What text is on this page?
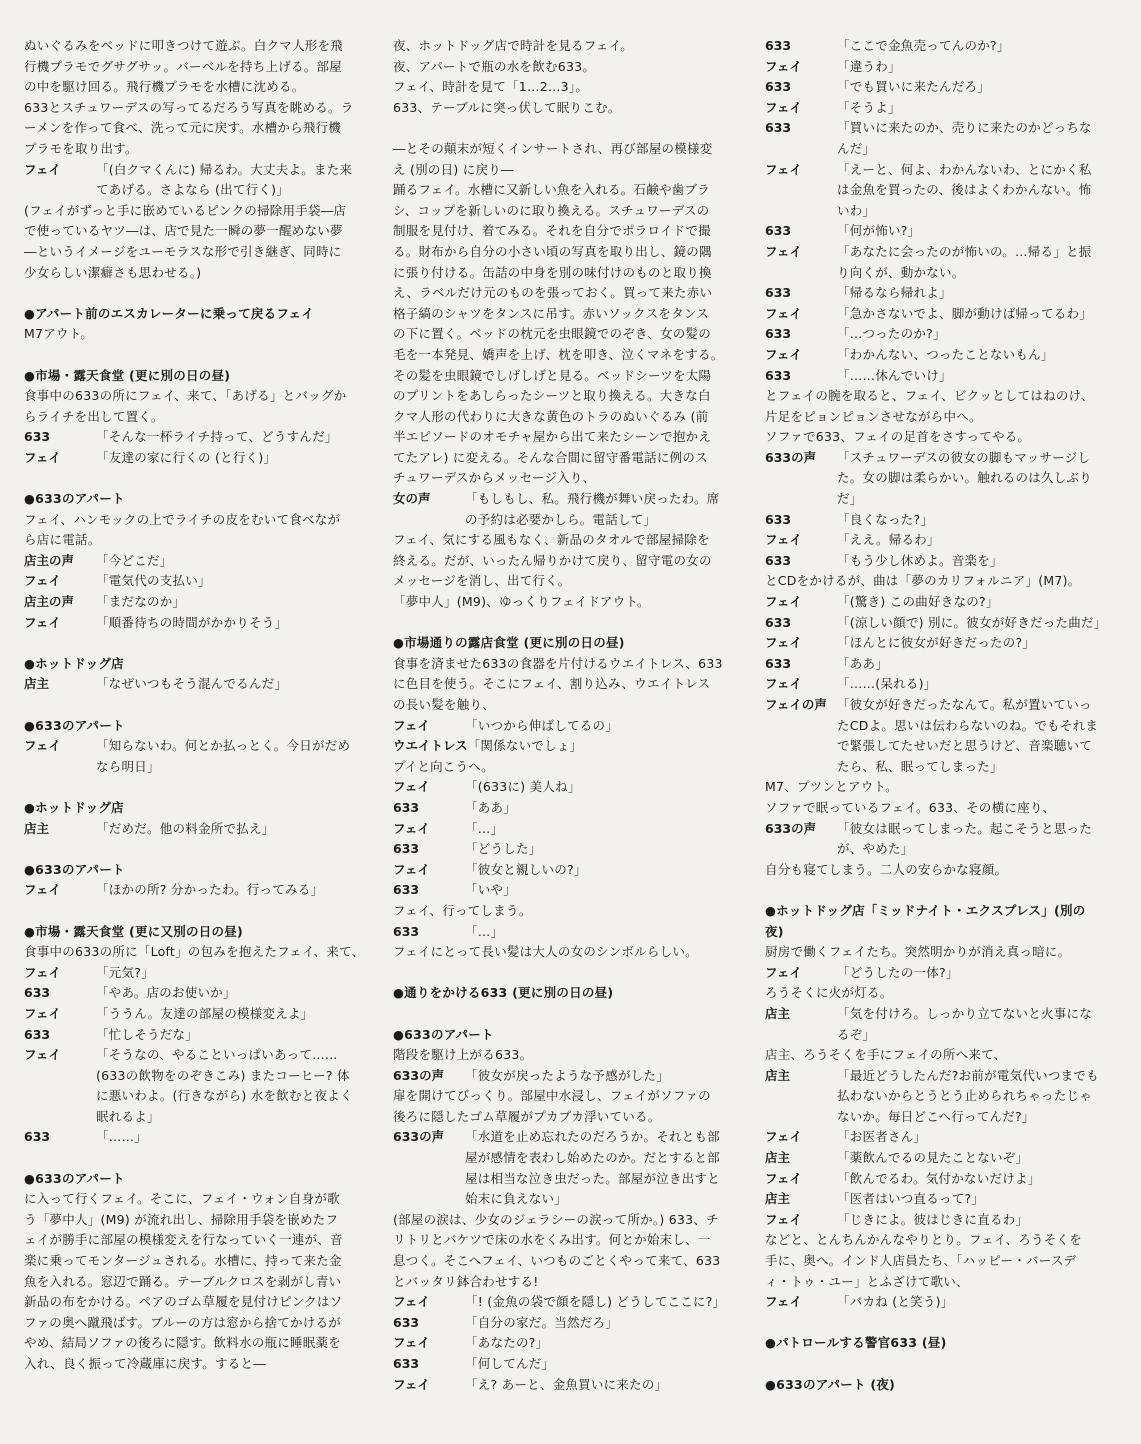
ぬいぐるみをベッドに叩きつけて遊ぶ。白クマ人形を飛
行機プラモでグサグサッ。バーベルを持ち上げる。部屋
の中を駆け回る。飛行機プラモを水槽に沈める。
633とスチュワーデスの写ってるだろう写真を眺める。ラ
ーメンを作って食べ、洗って元に戻す。水槽から飛行機
プラモを取り出す。
フェイ	「(白クマくんに) 帰るわ。大丈夫よ。また来
てあげる。さよなら (出て行く)」
(フェイがずっと手に嵌めているピンクの掃除用手袋―店
で使っているヤツ―は、店で見た一瞬の夢一醒めない夢
―というイメージをユーモラスな形で引き継ぎ、同時に
少女らしい潔癖さも思わせる。)
●アパート前のエスカレーターに乗って戻るフェイ
M7アウト。
●市場・露天食堂 (更に別の日の昼)
食事中の633の所にフェイ、来て、「あげる」とバッグか
らライチを出して置く。
633	「そんな一杯ライチ持って、どうすんだ」
フェイ	「友達の家に行くの (と行く)」
●633のアパート
フェイ、ハンモックの上でライチの皮をむいて食べなが
ら店に電話。
店主の声	「今どこだ」
フェイ	「電気代の支払い」
店主の声	「まだなのか」
フェイ	「順番待ちの時間がかかりそう」
●ホットドッグ店
店主	「なぜいつもそう混んでるんだ」
●633のアパート
フェイ	「知らないわ。何とか払っとく。今日がだめ
なら明日」
●ホットドッグ店
店主	「だめだ。他の料金所で払え」
●633のアパート
フェイ	「ほかの所? 分かったわ。行ってみる」
●市場・露天食堂 (更に又別の日の昼)
食事中の633の所に「Loft」の包みを抱えたフェイ、来て、
フェイ	「元気?」
633	「やあ。店のお使いか」
フェイ	「ううん。友達の部屋の模様変えよ」
633	「忙しそうだな」
フェイ	「そうなの、やることいっぱいあって……
(633の飲物をのぞきこみ) またコーヒー? 体
に悪いわよ。(行きながら) 水を飲むと夜よく
眠れるよ」
633	「……」
●633のアパート
に入って行くフェイ。そこに、フェイ・ウォン自身が歌
う「夢中人」(M9) が流れ出し、掃除用手袋を嵌めたフ
ェイが勝手に部屋の模様変えを行なっていく一連が、音
楽に乗ってモンタージュされる。水槽に、持って来た金
魚を入れる。窓辺で踊る。テーブルクロスを剥がし青い
新品の布をかける。ペアのゴム草履を見付けピンクはソ
ファの奥へ蹴飛ばす。ブルーの方は窓から捨てかけるが
やめ、結局ソファの後ろに隠す。飲料水の瓶に睡眠薬を
入れ、良く振って冷蔵庫に戻す。すると―
夜、ホットドッグ店で時計を見るフェイ。
夜、アパートで瓶の水を飲む633。
フェイ、時計を見て「1…2…3」。
633、テーブルに突っ伏して眠りこむ。
―とその顛末が短くインサートされ、再び部屋の模様変
え (別の日) に戻り―
踊るフェイ。水槽に又新しい魚を入れる。石鹸や歯ブラ
シ、コップを新しいのに取り換える。スチュワーデスの
制服を見付け、着てみる。それを自分でポラロイドで撮
る。財布から自分の小さい頃の写真を取り出し、鏡の隅
に張り付ける。缶詰の中身を別の味付けのものと取り換
え、ラベルだけ元のものを張っておく。買って来た赤い
格子縞のシャツをタンスに吊す。赤いソックスをタンス
の下に置く。ベッドの枕元を虫眼鏡でのぞき、女の髪の
毛を一本発見、嬌声を上げ、枕を叩き、泣くマネをする。
その髪を虫眼鏡でしげしげと見る。ベッドシーツを太陽
のプリントをあしらったシーツと取り換える。大きな白
クマ人形の代わりに大きな黄色のトラのぬいぐるみ (前
半エピソードのオモチャ屋から出て来たシーンで抱かえ
てたアレ) に変える。そんな合間に留守番電話に例のス
チュワーデスからメッセージ入り、
女の声	「もしもし、私。飛行機が舞い戻ったわ。席
の予約は必要かしら。電話して」
フェイ、気にする風もなく、新品のタオルで部屋掃除を
終える。だが、いったん帰りかけて戻り、留守電の女の
メッセージを消し、出て行く。
「夢中人」(M9)、ゆっくりフェイドアウト。
●市場通りの露店食堂 (更に別の日の昼)
食事を済ませた633の食器を片付けるウエイトレス、633
に色目を使う。そこにフェイ、割り込み、ウエイトレス
の長い髪を触り、
フェイ	「いつから伸ばしてるの」
ウエイトレス 「関係ないでしょ」
プイと向こうへ。
フェイ	「(633に) 美人ね」
633	「ああ」
フェイ	「…」
633	「どうした」
フェイ	「彼女と親しいの?」
633	「いや」
フェイ、行ってしまう。
633	「…」
フェイにとって長い髪は大人の女のシンボルらしい。
●通りをかける633 (更に別の日の昼)
●633のアパート
階段を駆け上がる633。
633の声	「彼女が戻ったような予感がした」
扉を開けてびっくり。部屋中水浸し、フェイがソファの
後ろに隠したゴム草履がプカプカ浮いている。
633の声	「水道を止め忘れたのだろうか。それとも部
屋が感情を表わし始めたのか。だとすると部
屋は相当な泣き虫だった。部屋が泣き出すと
始末に負えない」
(部屋の涙は、少女のジェラシーの涙って所か。) 633、チ
リトリとバケツで床の水をくみ出す。何とか始末し、一
息つく。そこへフェイ、いつものごとくやって来て、633
とバッタリ鉢合わせする!
フェイ	「! (金魚の袋で顔を隠し) どうしてここに?」
633	「自分の家だ。当然だろ」
フェイ	「あなたの?」
633	「何してんだ」
フェイ	「え? あーと、金魚買いに来たの」
633	「ここで金魚売ってんのか?」
フェイ	「違うわ」
633	「でも買いに来たんだろ」
フェイ	「そうよ」
633	「買いに来たのか、売りに来たのかどっちな
んだ」
フェイ	「えーと、何よ、わかんないわ、とにかく私
は金魚を買ったの、後はよくわかんない。怖
いわ」
633	「何が怖い?」
フェイ	「あなたに会ったのが怖いの。…帰る」と振
り向くが、動かない。
633	「帰るなら帰れよ」
フェイ	「急かさないでよ、脚が動けば帰ってるわ」
633	「…つったのか?」
フェイ	「わかんない、つったことないもん」
633	「……休んでいけ」
とフェイの腕を取ると、フェイ、ビクッとしてはねのけ、
片足をピョンピョンさせながら中へ。
ソファで633、フェイの足首をさすってやる。
633の声	「スチュワーデスの彼女の脚もマッサージし
た。女の脚は柔らかい。触れるのは久しぶり
だ」
633	「良くなった?」
フェイ	「ええ。帰るわ」
633	「もう少し休めよ。音楽を」
とCDをかけるが、曲は「夢のカリフォルニア」(M7)。
フェイ	「(驚き) この曲好きなの?」
633	「(涼しい顔で) 別に。彼女が好きだった曲だ」
フェイ	「ほんとに彼女が好きだったの?」
633	「ああ」
フェイ	「……(呆れる)」
フェイの声 「彼女が好きだったなんて。私が置いていっ
たCDよ。思いは伝わらないのね。でもそれま
で緊張してたせいだと思うけど、音楽聴いて
たら、私、眠ってしまった」
M7、プツンとアウト。
ソファで眠っているフェイ。633、その横に座り、
633の声	「彼女は眠ってしまった。起こそうと思った
が、やめた」
自分も寝てしまう。二人の安らかな寝顔。
●ホットドッグ店「ミッドナイト・エクスプレス」(別の
夜)
厨房で働くフェイたち。突然明かりが消え真っ暗に。
フェイ	「どうしたの一体?」
ろうそくに火が灯る。
店主	「気を付けろ。しっかり立てないと火事にな
るぞ」
店主、ろうそくを手にフェイの所へ来て、
店主	「最近どうしたんだ?お前が電気代いつまでも
払わないからとうとう止められちゃったじゃ
ないか。毎日どこへ行ってんだ?」
フェイ	「お医者さん」
店主	「薬飲んでるの見たことないぞ」
フェイ	「飲んでるわ。気付かないだけよ」
店主	「医者はいつ直るって?」
フェイ	「じきによ。彼はじきに直るわ」
などと、とんちんかんなやりとり。フェイ、ろうそくを
手に、奥へ。インド人店員たち、「ハッピー・バースデ
ィ・トゥ・ユー」とふざけて歌い、
フェイ	「バカね (と笑う)」
●パトロールする警官633 (昼)
●633のアパート (夜)
